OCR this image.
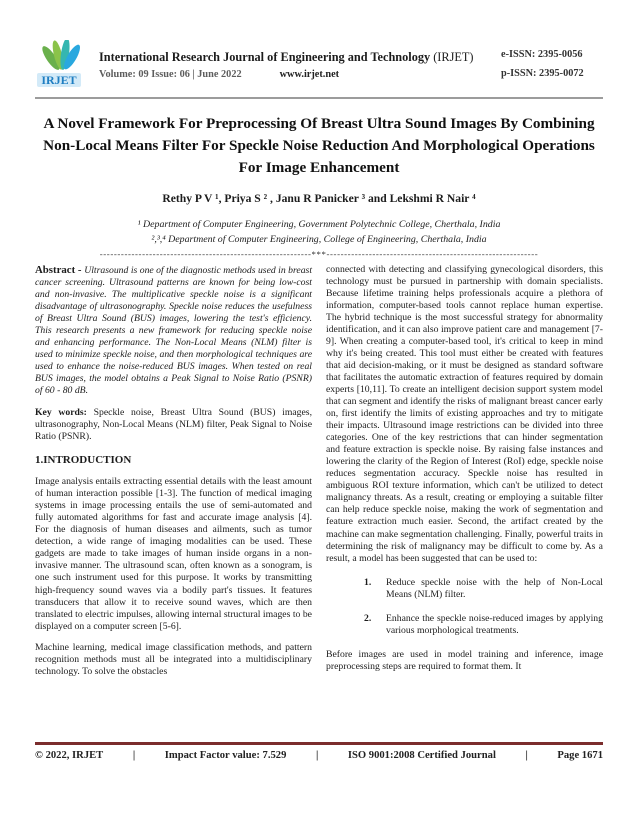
IRJET
International Research Journal of Engineering and Technology (IRJET)
Volume: 09 Issue: 06 | June 2022	www.irjet.net
e-ISSN: 2395-0056
p-ISSN: 2395-0072
A Novel Framework For Preprocessing Of Breast Ultra Sound Images By Combining Non-Local Means Filter For Speckle Noise Reduction And Morphological Operations For Image Enhancement
Rethy P V ¹, Priya S ² , Janu R Panicker ³ and Lekshmi R Nair ⁴
¹ Department of Computer Engineering, Government Polytechnic College, Cherthala, India
²,³,⁴ Department of Computer Engineering, College of Engineering, Cherthala, India
------------------------------------------------------------***------------------------------------------------------------

Abstract - Ultrasound is one of the diagnostic methods used in breast cancer screening. Ultrasound patterns are known for being low-cost and non-invasive. The multiplicative speckle noise is a significant disadvantage of ultrasonography. Speckle noise reduces the usefulness of Breast Ultra Sound (BUS) images, lowering the test's efficiency. This research presents a new framework for reducing speckle noise and enhancing performance. The Non-Local Means (NLM) filter is used to minimize speckle noise, and then morphological techniques are used to enhance the noise-reduced BUS images. When tested on real BUS images, the model obtains a Peak Signal to Noise Ratio (PSNR) of 60 - 80 dB.

Key words: Speckle noise, Breast Ultra Sound (BUS) images, ultrasonography, Non-Local Means (NLM) filter, Peak Signal to Noise Ratio (PSNR).

1.INTRODUCTION

Image analysis entails extracting essential details with the least amount of human interaction possible [1-3]. The function of medical imaging systems in image processing entails the use of semi-automated and fully automated algorithms for fast and accurate image analysis [4]. For the diagnosis of human diseases and ailments, such as tumor detection, a wide range of imaging modalities can be used. These gadgets are made to take images of human inside organs in a non-invasive manner. The ultrasound scan, often known as a sonogram, is one such instrument used for this purpose. It works by transmitting high-frequency sound waves via a bodily part's tissues. It features transducers that allow it to receive sound waves, which are then translated to electric impulses, allowing internal structural images to be displayed on a computer screen [5-6].

Machine learning, medical image classification methods, and pattern recognition methods must all be integrated into a multidisciplinary technology. To solve the obstacles

connected with detecting and classifying gynecological disorders, this technology must be pursued in partnership with domain specialists. Because lifetime training helps professionals acquire a plethora of information, computer-based tools cannot replace human expertise. The hybrid technique is the most successful strategy for abnormality identification, and it can also improve patient care and management [7-9]. When creating a computer-based tool, it's critical to keep in mind why it's being created. This tool must either be created with features that aid decision-making, or it must be designed as standard software that facilitates the automatic extraction of features required by domain experts [10,11]. To create an intelligent decision support system model that can segment and identify the risks of malignant breast cancer early on, first identify the limits of existing approaches and try to mitigate their impacts. Ultrasound image restrictions can be divided into three categories. One of the key restrictions that can hinder segmentation and feature extraction is speckle noise. By raising false instances and lowering the clarity of the Region of Interest (RoI) edge, speckle noise reduces segmentation accuracy. Speckle noise has resulted in ambiguous ROI texture information, which can't be utilized to detect malignancy threats. As a result, creating or employing a suitable filter can help reduce speckle noise, making the work of segmentation and feature extraction much easier. Second, the artifact created by the machine can make segmentation challenging. Finally, powerful traits in determining the risk of malignancy may be difficult to come by. As a result, a model has been suggested that can be used to:

1.	Reduce speckle noise with the help of Non-Local Means (NLM) filter.
2.	Enhance the speckle noise-reduced images by applying various morphological treatments.

Before images are used in model training and inference, image preprocessing steps are required to format them. It

© 2022, IRJET	|	Impact Factor value: 7.529	|	ISO 9001:2008 Certified Journal	|	Page 1671
